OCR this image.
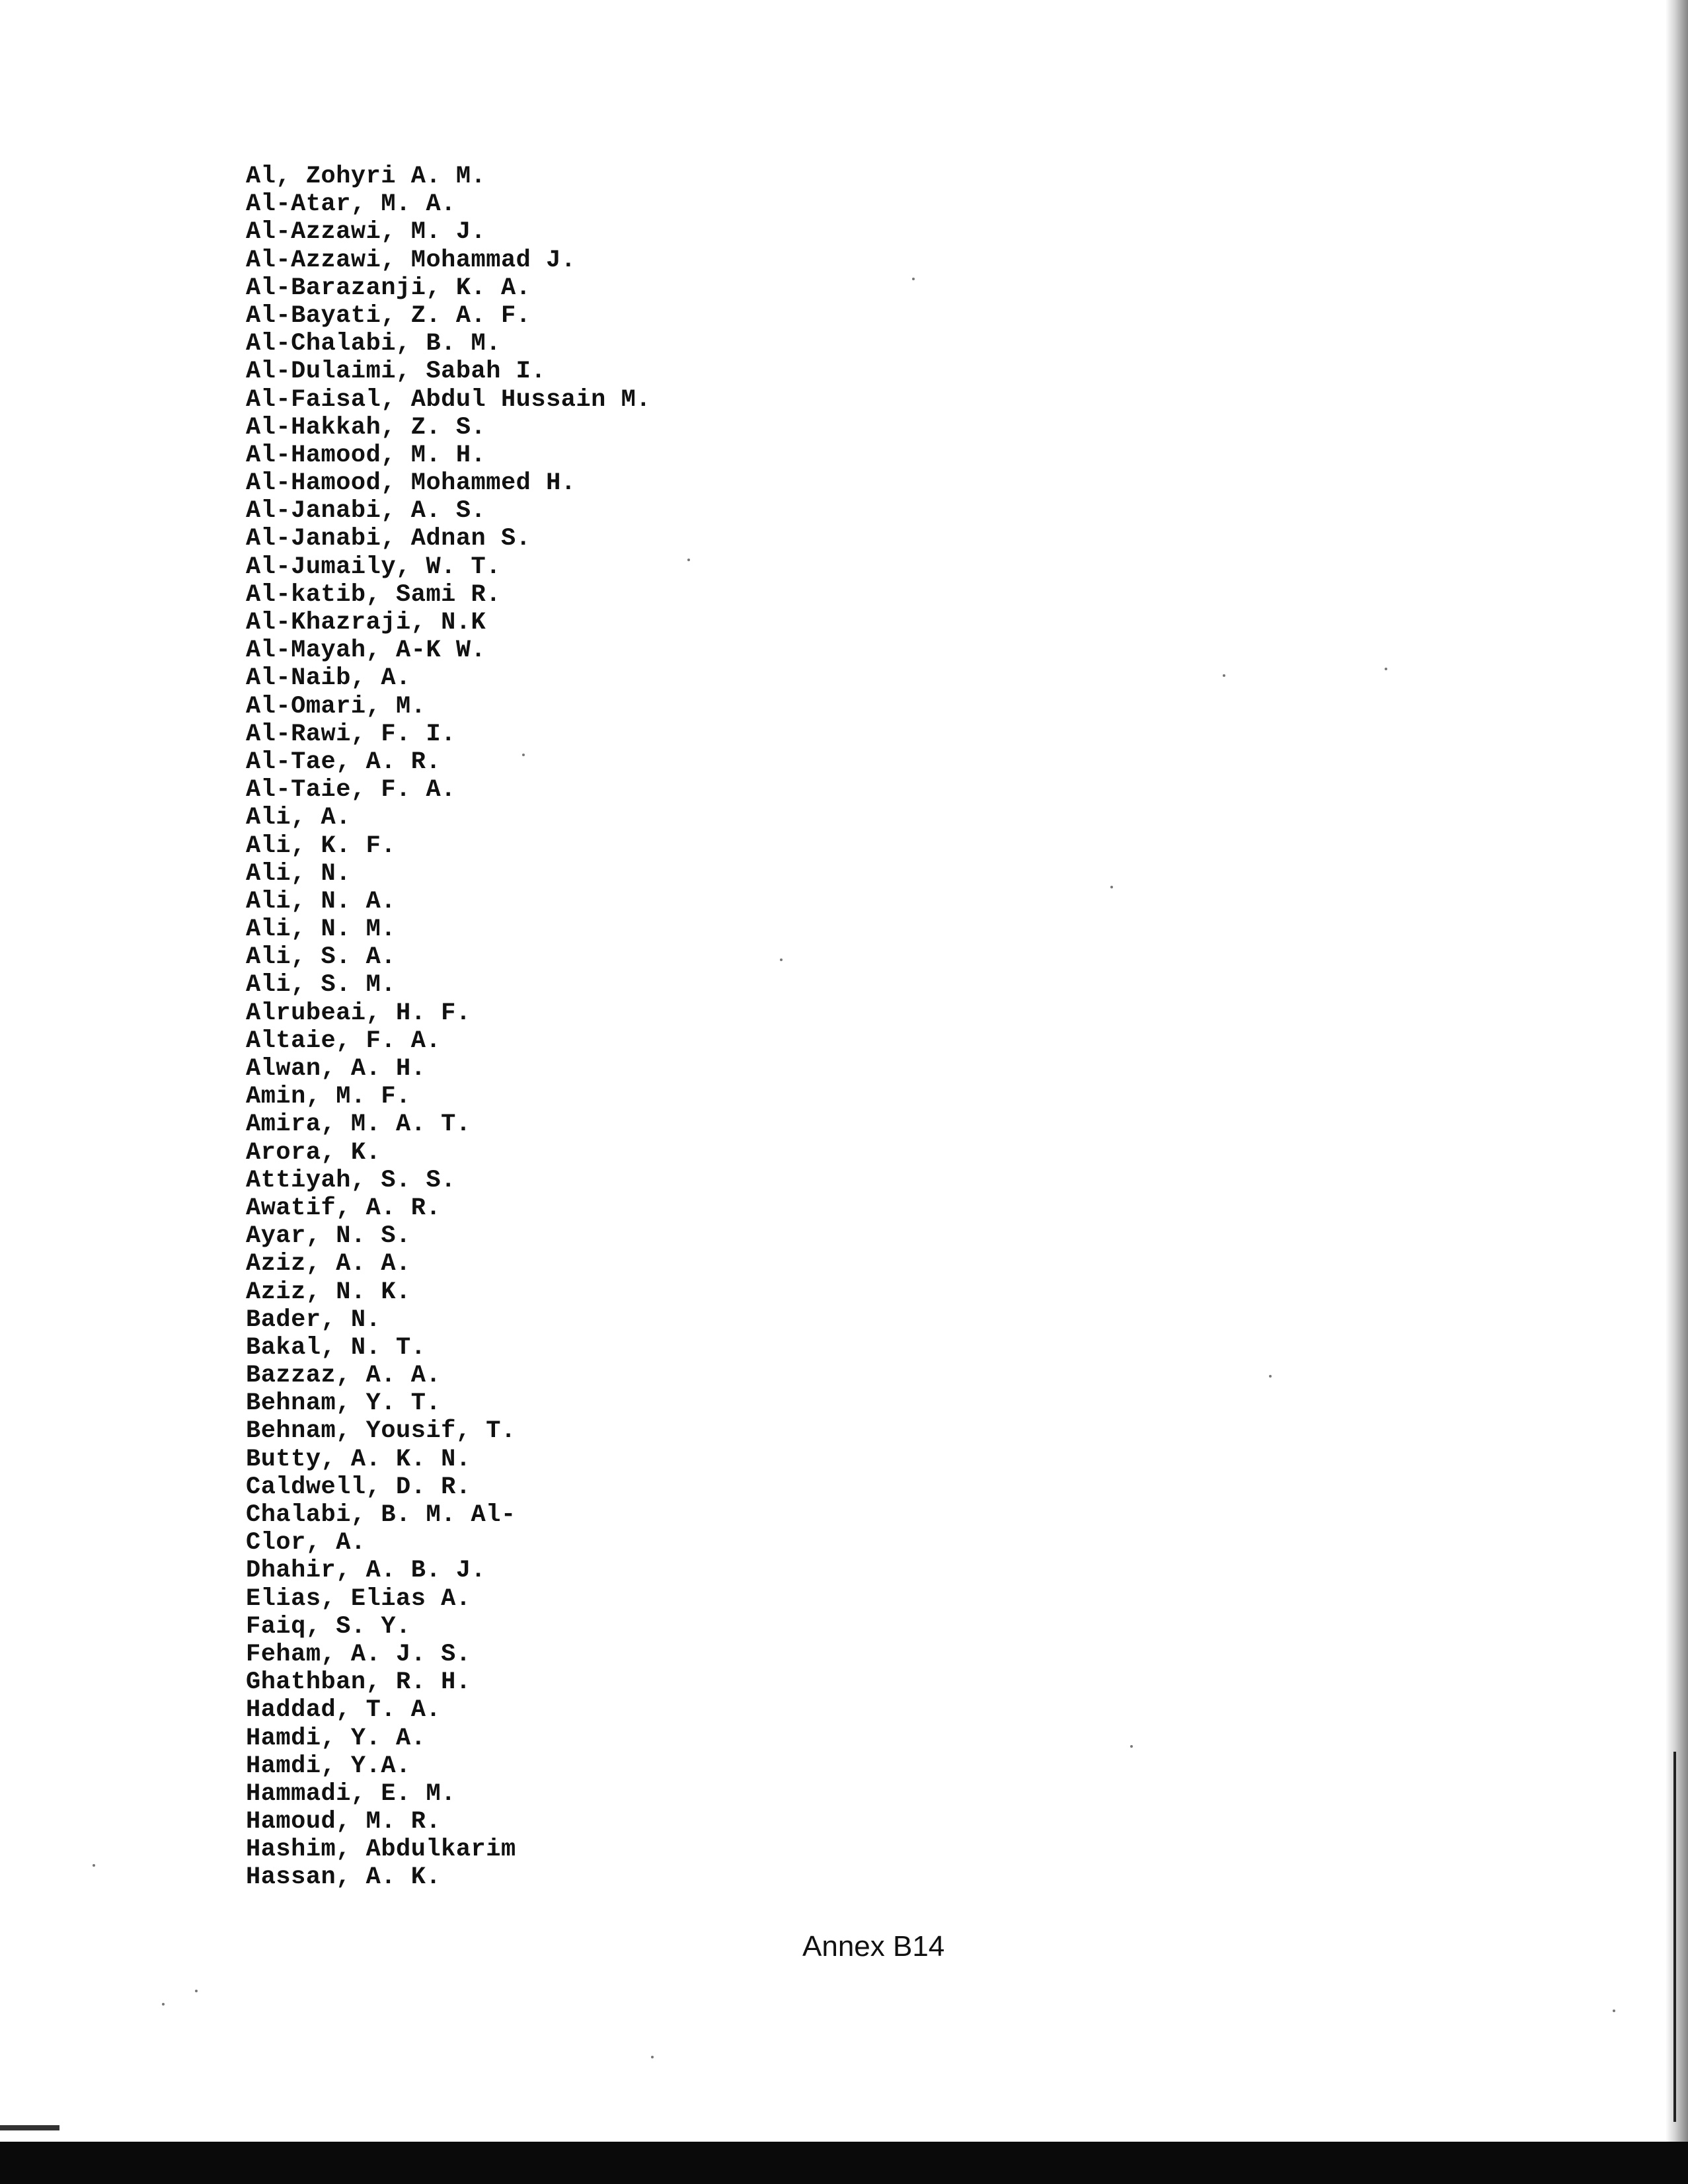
Al, Zohyri A. M.
Al-Atar, M. A.
Al-Azzawi, M. J.
Al-Azzawi, Mohammad J.
Al-Barazanji, K. A.
Al-Bayati, Z. A. F.
Al-Chalabi, B. M.
Al-Dulaimi, Sabah I.
Al-Faisal, Abdul Hussain M.
Al-Hakkah, Z. S.
Al-Hamood, M. H.
Al-Hamood, Mohammed H.
Al-Janabi, A. S.
Al-Janabi, Adnan S.
Al-Jumaily, W. T.
Al-katib, Sami R.
Al-Khazraji, N.K
Al-Mayah, A-K W.
Al-Naib, A.
Al-Omari, M.
Al-Rawi, F. I.
Al-Tae, A. R.
Al-Taie, F. A.
Ali, A.
Ali, K. F.
Ali, N.
Ali, N. A.
Ali, N. M.
Ali, S. A.
Ali, S. M.
Alrubeai, H. F.
Altaie, F. A.
Alwan, A. H.
Amin, M. F.
Amira, M. A. T.
Arora, K.
Attiyah, S. S.
Awatif, A. R.
Ayar, N. S.
Aziz, A. A.
Aziz, N. K.
Bader, N.
Bakal, N. T.
Bazzaz, A. A.
Behnam, Y. T.
Behnam, Yousif, T.
Butty, A. K. N.
Caldwell, D. R.
Chalabi, B. M. Al-
Clor, A.
Dhahir, A. B. J.
Elias, Elias A.
Faiq, S. Y.
Feham, A. J. S.
Ghathban, R. H.
Haddad, T. A.
Hamdi, Y. A.
Hamdi, Y.A.
Hammadi, E. M.
Hamoud, M. R.
Hashim, Abdulkarim
Hassan, A. K.
Annex B14
